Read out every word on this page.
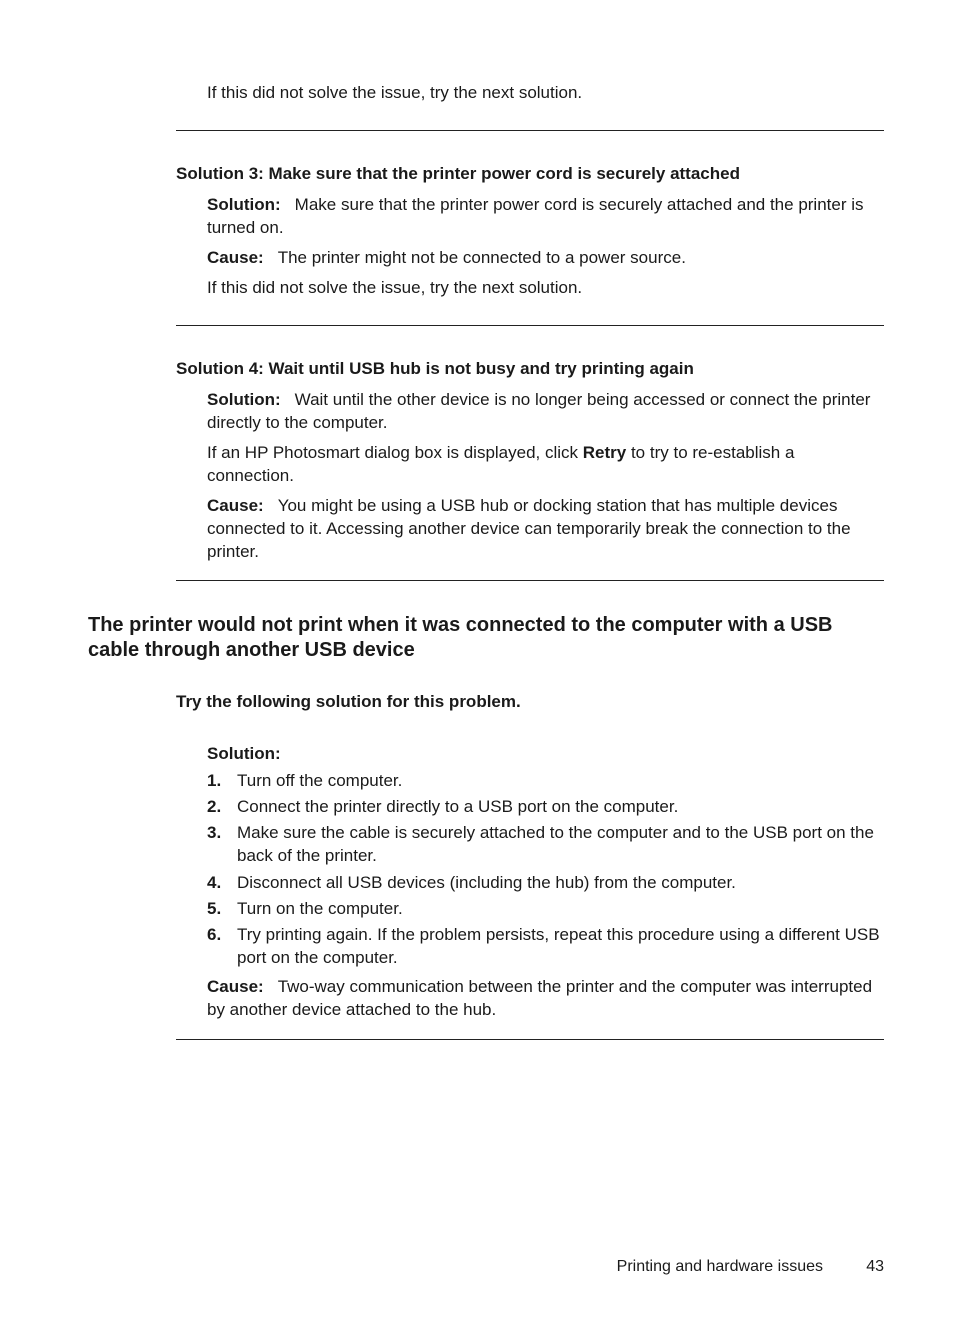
If this did not solve the issue, try the next solution.
Solution 3: Make sure that the printer power cord is securely attached
Solution: Make sure that the printer power cord is securely attached and the printer is turned on.
Cause: The printer might not be connected to a power source.
If this did not solve the issue, try the next solution.
Solution 4: Wait until USB hub is not busy and try printing again
Solution: Wait until the other device is no longer being accessed or connect the printer directly to the computer.
If an HP Photosmart dialog box is displayed, click Retry to try to re-establish a connection.
Cause: You might be using a USB hub or docking station that has multiple devices connected to it. Accessing another device can temporarily break the connection to the printer.
The printer would not print when it was connected to the computer with a USB cable through another USB device
Try the following solution for this problem.
Solution:
1. Turn off the computer.
2. Connect the printer directly to a USB port on the computer.
3. Make sure the cable is securely attached to the computer and to the USB port on the back of the printer.
4. Disconnect all USB devices (including the hub) from the computer.
5. Turn on the computer.
6. Try printing again. If the problem persists, repeat this procedure using a different USB port on the computer.
Cause: Two-way communication between the printer and the computer was interrupted by another device attached to the hub.
Printing and hardware issues	43
